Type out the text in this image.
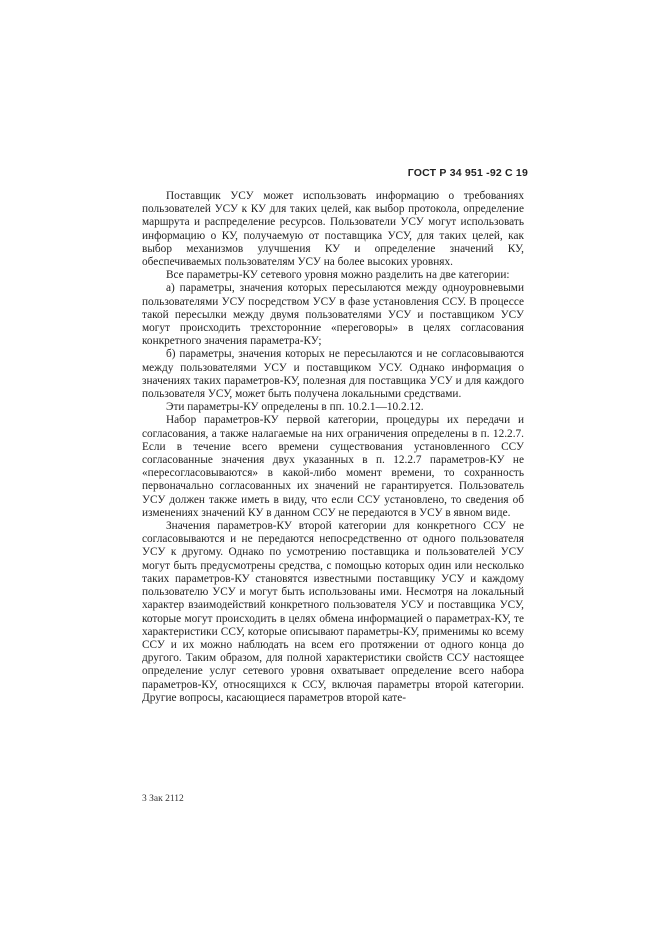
ГОСТ Р 34 951 -92 С 19

Поставщик УСУ может использовать информацию о требованиях пользователей УСУ к КУ для таких целей, как выбор протокола, определение маршрута и распределение ресурсов. Пользователи УСУ могут использовать информацию о КУ, получаемую от поставщика УСУ, для таких целей, как выбор механизмов улучшения КУ и определение значений КУ, обеспечиваемых пользователям УСУ на более высоких уровнях.

Все параметры-КУ сетевого уровня можно разделить на две категории:

а) параметры, значения которых пересылаются между одноуровневыми пользователями УСУ посредством УСУ в фазе установления ССУ. В процессе такой пересылки между двумя пользователями УСУ и поставщиком УСУ могут происходить трехсторонние «переговоры» в целях согласования конкретного значения параметра-КУ;

б) параметры, значения которых не пересылаются и не согласовываются между пользователями УСУ и поставщиком УСУ. Однако информация о значениях таких параметров-КУ, полезная для поставщика УСУ и для каждого пользователя УСУ, может быть получена локальными средствами.

Эти параметры-КУ определены в пп. 10.2.1—10.2.12.

Набор параметров-КУ первой категории, процедуры их передачи и согласования, а также налагаемые на них ограничения определены в п. 12.2.7. Если в течение всего времени существования установленного ССУ согласованные значения двух указанных в п. 12.2.7 параметров-КУ не «пересогласовываются» в какой-либо момент времени, то сохранность первоначально согласованных их значений не гарантируется. Пользователь УСУ должен также иметь в виду, что если ССУ установлено, то сведения об изменениях значений КУ в данном ССУ не передаются в УСУ в явном виде.

Значения параметров-КУ второй категории для конкретного ССУ не согласовываются и не передаются непосредственно от одного пользователя УСУ к другому. Однако по усмотрению поставщика и пользователей УСУ могут быть предусмотрены средства, с помощью которых один или несколько таких параметров-КУ становятся известными поставщику УСУ и каждому пользователю УСУ и могут быть использованы ими. Несмотря на локальный характер взаимодействий конкретного пользователя УСУ и поставщика УСУ, которые могут происходить в целях обмена информацией о параметрах-КУ, те характеристики ССУ, которые описывают параметры-КУ, применимы ко всему ССУ и их можно наблюдать на всем его протяжении от одного конца до другого. Таким образом, для полной характеристики свойств ССУ настоящее определение услуг сетевого уровня охватывает определение всего набора параметров-КУ, относящихся к ССУ, включая параметры второй категории. Другие вопросы, касающиеся параметров второй кате-

3 Зак 2112
